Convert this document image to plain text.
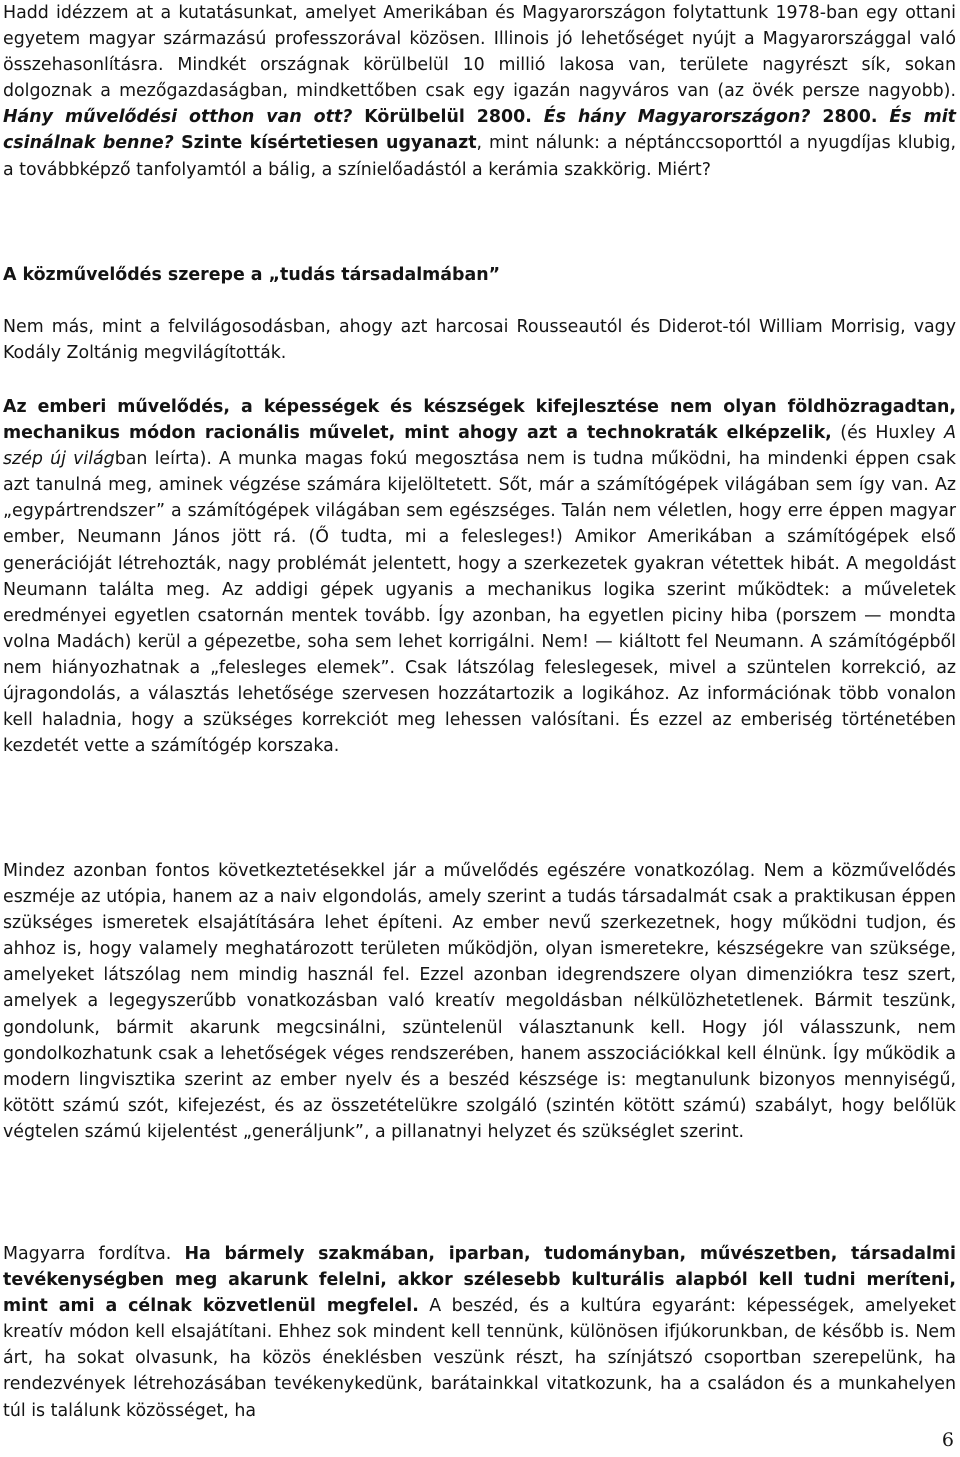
Hadd idézzem at a kutatásunkat, amelyet Amerikában és Magyarországon folytattunk 1978-ban egy ottani egyetem magyar származású professzorával közösen. Illinois jó lehetőséget nyújt a Magyarországgal való összehasonlításra. Mindkét országnak körülbelül 10 millió lakosa van, területe nagyrészt sík, sokan dolgoznak a mezőgazdaságban, mindkettőben csak egy igazán nagyváros van (az övék persze nagyobb). Hány művelődési otthon van ott? Körülbelül 2800. És hány Magyarországon? 2800. És mit csinálnak benne? Szinte kísértetiesen ugyanazt, mint nálunk: a néptánccsoporttól a nyugdíjas klubig, a továbbképző tanfolyamtól a bálig, a színielőadástól a kerámia szakkörig. Miért?

A közművelődés szerepe a „tudás társadalmában”

Nem más, mint a felvilágosodásban, ahogy azt harcosai Rousseautól és Diderot-tól William Morrisig, vagy Kodály Zoltánig megvilágították.

Az emberi művelődés, a képességek és készségek kifejlesztése nem olyan földhözragadtan, mechanikus módon racionális művelet, mint ahogy azt a technokraták elképzelik, (és Huxley A szép új világban leírta). A munka magas fokú megosztása nem is tudna működni, ha mindenki éppen csak azt tanulná meg, aminek végzése számára kijelöltetett. Sőt, már a számítógépek világában sem így van. Az „egypártrendszer” a számítógépek világában sem egészséges. Talán nem véletlen, hogy erre éppen magyar ember, Neumann János jött rá. (Ő tudta, mi a felesleges!) Amikor Amerikában a számítógépek első generációját létrehozták, nagy problémát jelentett, hogy a szerkezetek gyakran vétettek hibát. A megoldást Neumann találta meg. Az addigi gépek ugyanis a mechanikus logika szerint működtek: a műveletek eredményei egyetlen csatornán mentek tovább. Így azonban, ha egyetlen piciny hiba (porszem — mondta volna Madách) kerül a gépezetbe, soha sem lehet korrigálni. Nem! — kiáltott fel Neumann. A számítógépből nem hiányozhatnak a „felesleges elemek”. Csak látszólag feleslegesek, mivel a szüntelen korrekció, az újragondolás, a választás lehetősége szervesen hozzátartozik a logikához. Az információnak több vonalon kell haladnia, hogy a szükséges korrekciót meg lehessen valósítani. És ezzel az emberiség történetében kezdetét vette a számítógép korszaka.

Mindez azonban fontos következtetésekkel jár a művelődés egészére vonatkozólag. Nem a közművelődés eszméje az utópia, hanem az a naiv elgondolás, amely szerint a tudás társadalmát csak a praktikusan éppen szükséges ismeretek elsajátítására lehet építeni. Az ember nevű szerkezetnek, hogy működni tudjon, és ahhoz is, hogy valamely meghatározott területen működjön, olyan ismeretekre, készségekre van szüksége, amelyeket látszólag nem mindig használ fel. Ezzel azonban idegrendszere olyan dimenziókra tesz szert, amelyek a legegyszerűbb vonatkozásban való kreatív megoldásban nélkülözhetetlenek. Bármit teszünk, gondolunk, bármit akarunk megcsinálni, szüntelenül választanunk kell. Hogy jól válasszunk, nem gondolkozhatunk csak a lehetőségek véges rendszerében, hanem asszociációkkal kell élnünk. Így működik a modern lingvisztika szerint az ember nyelv és a beszéd készsége is: megtanulunk bizonyos mennyiségű, kötött számú szót, kifejezést, és az összetételükre szolgáló (szintén kötött számú) szabályt, hogy belőlük végtelen számú kijelentést „generáljunk”, a pillanatnyi helyzet és szükséglet szerint.

Magyarra fordítva. Ha bármely szakmában, iparban, tudományban, művészetben, társadalmi tevékenységben meg akarunk felelni, akkor szélesebb kulturális alapból kell tudni meríteni, mint ami a célnak közvetlenül megfelel. A beszéd, és a kultúra egyaránt: képességek, amelyeket kreatív módon kell elsajátítani. Ehhez sok mindent kell tennünk, különösen ifjúkorunkban, de később is. Nem árt, ha sokat olvasunk, ha közös éneklésben veszünk részt, ha színjátszó csoportban szerepelünk, ha rendezvények létrehozásában tevékenykedünk, barátainkkal vitatkozunk, ha a családon és a munkahelyen túl is találunk közösséget, ha

6
